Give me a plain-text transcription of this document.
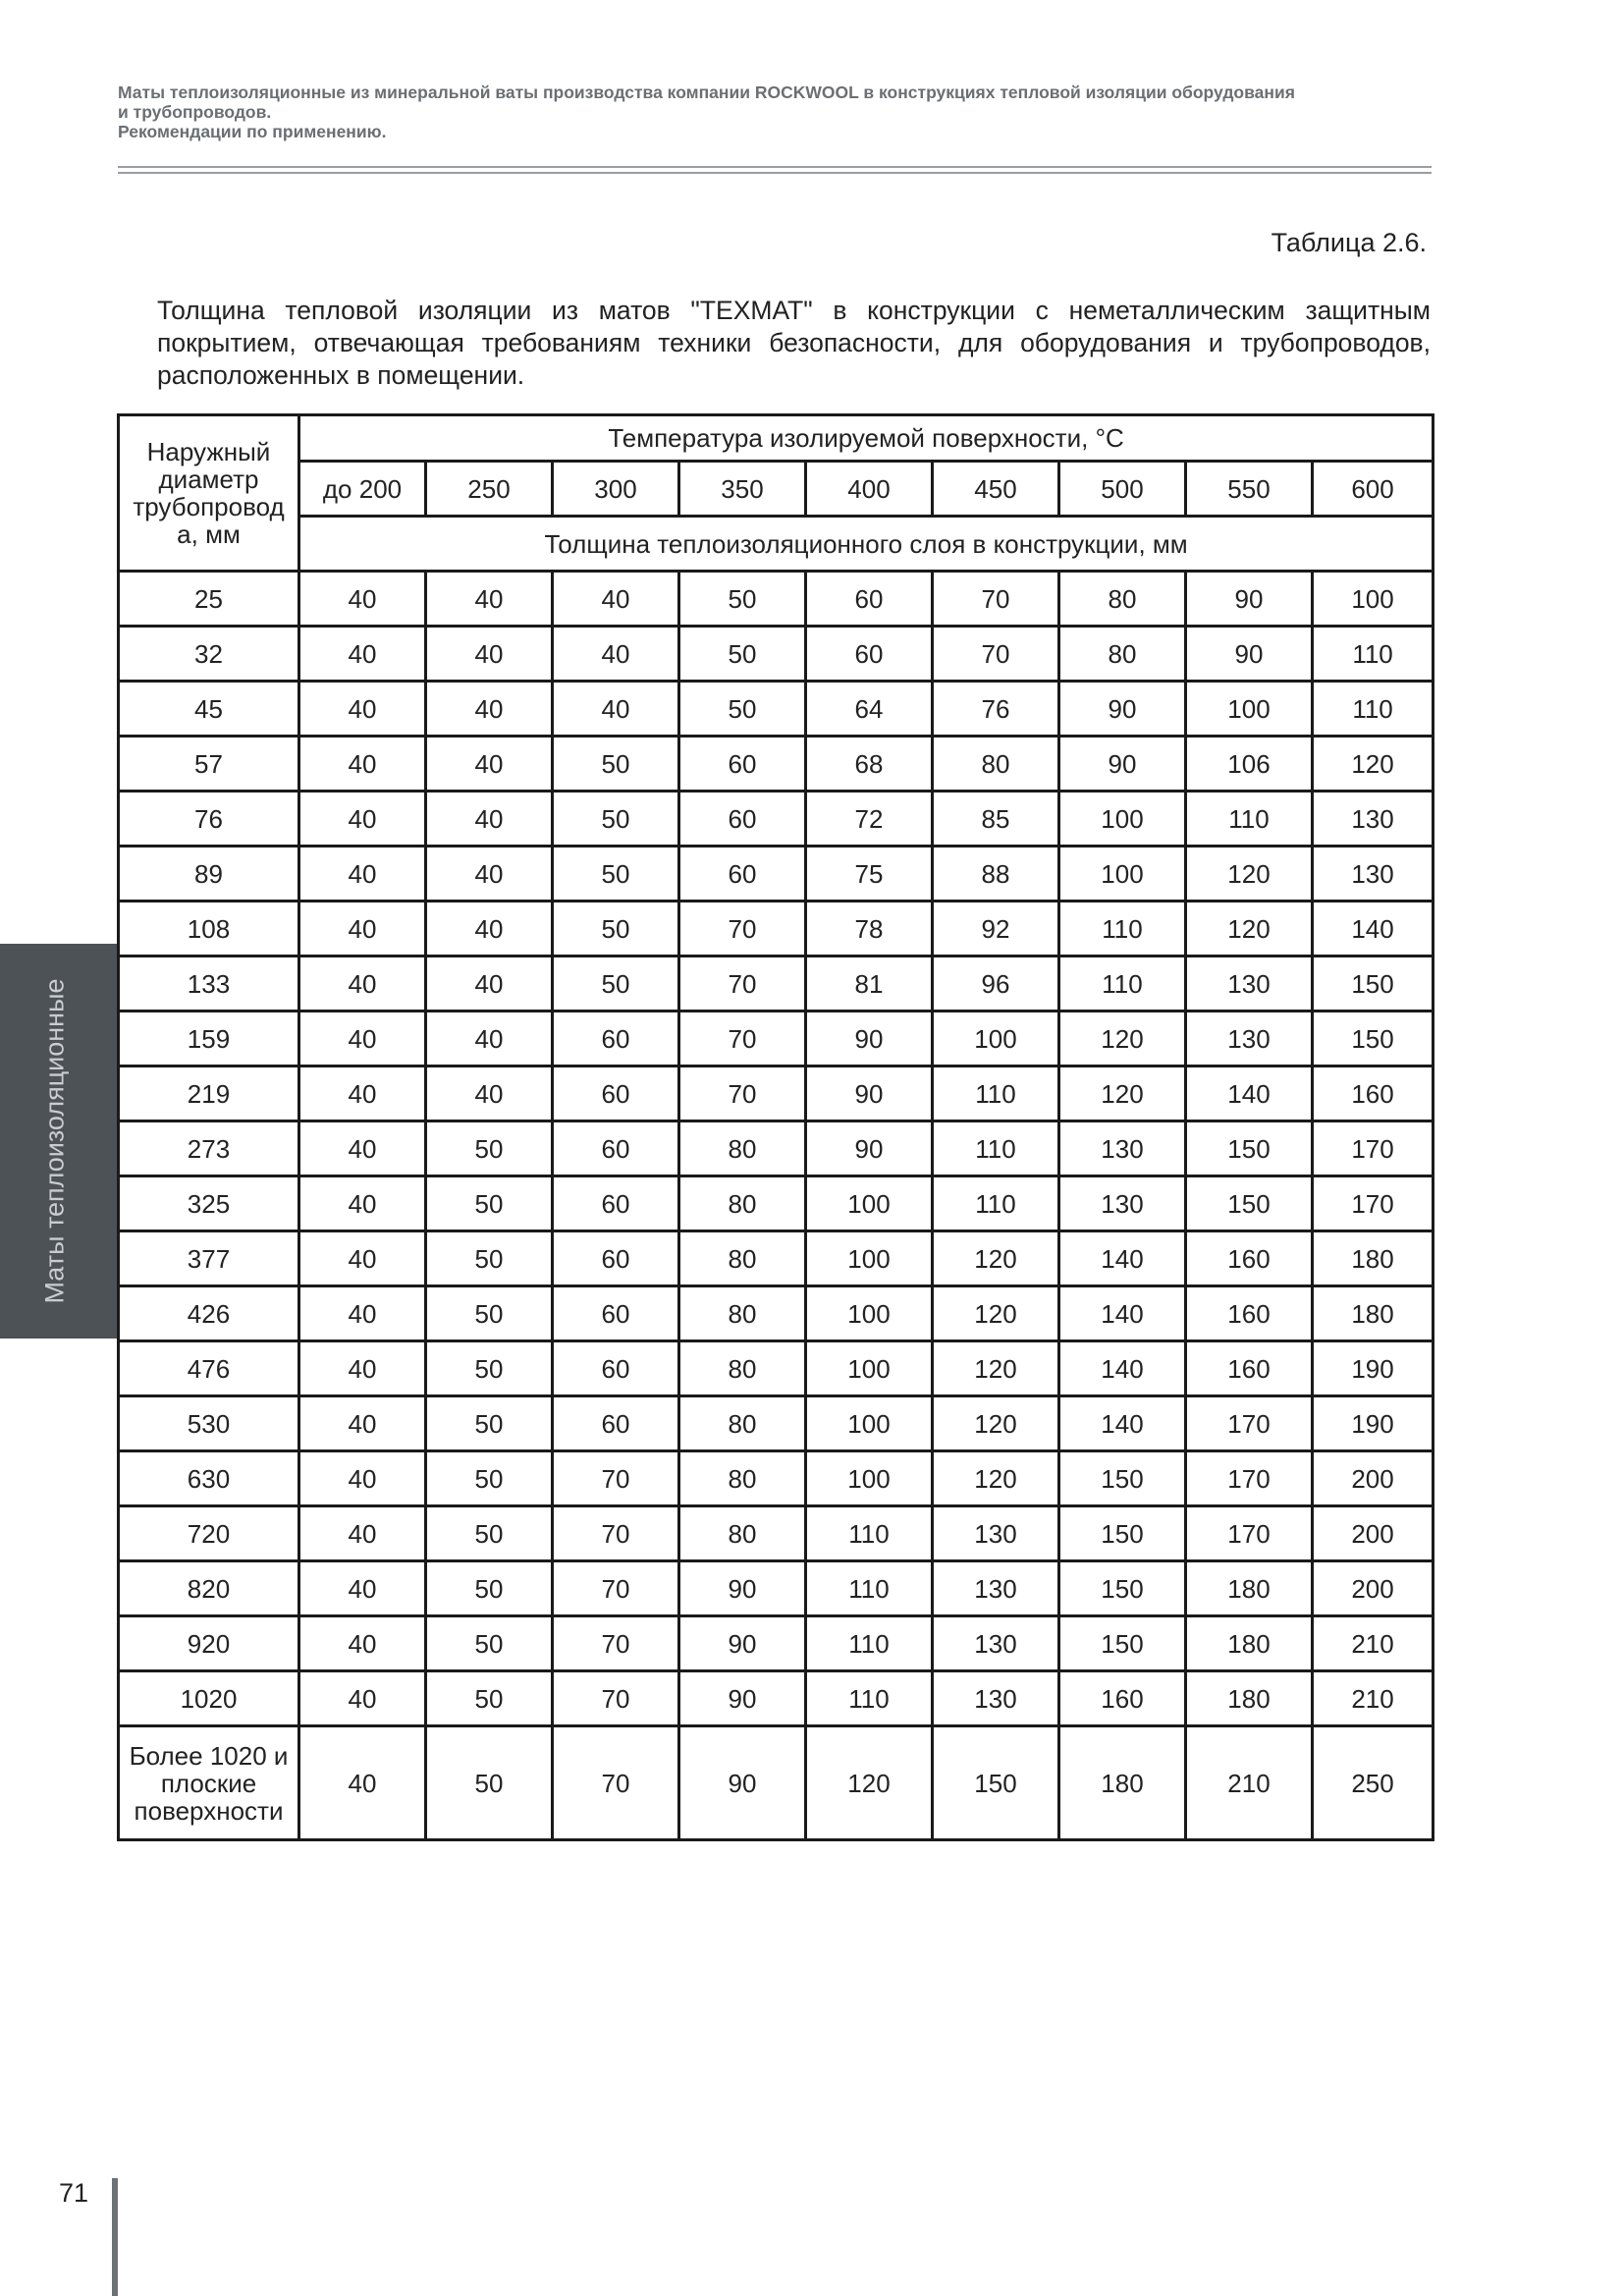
Маты теплоизоляционные из минеральной ваты производства компании ROCKWOOL в конструкциях тепловой изоляции оборудования
и трубопроводов.
Рекомендации по применению.
Таблица 2.6.
Толщина тепловой изоляции из матов "ТЕХМАТ" в конструкции с неметаллическим защитным покрытием, отвечающая требованиям техники безопасности, для оборудования и трубопроводов, расположенных в помещении.
Наружный диаметр трубопровод а, мм	Температура изолируемой поверхности, °С								
	до 200	250	300	350	400	450	500	550	600
	Толщина теплоизоляционного слоя в конструкции, мм								
25	40	40	40	50	60	70	80	90	100
32	40	40	40	50	60	70	80	90	110
45	40	40	40	50	64	76	90	100	110
57	40	40	50	60	68	80	90	106	120
76	40	40	50	60	72	85	100	110	130
89	40	40	50	60	75	88	100	120	130
108	40	40	50	70	78	92	110	120	140
133	40	40	50	70	81	96	110	130	150
159	40	40	60	70	90	100	120	130	150
219	40	40	60	70	90	110	120	140	160
273	40	50	60	80	90	110	130	150	170
325	40	50	60	80	100	110	130	150	170
377	40	50	60	80	100	120	140	160	180
426	40	50	60	80	100	120	140	160	180
476	40	50	60	80	100	120	140	160	190
530	40	50	60	80	100	120	140	170	190
630	40	50	70	80	100	120	150	170	200
720	40	50	70	80	110	130	150	170	200
820	40	50	70	90	110	130	150	180	200
920	40	50	70	90	110	130	150	180	210
1020	40	50	70	90	110	130	160	180	210
Более 1020 и плоские поверхности	40	50	70	90	120	150	180	210	250
Маты теплоизоляционные
71
